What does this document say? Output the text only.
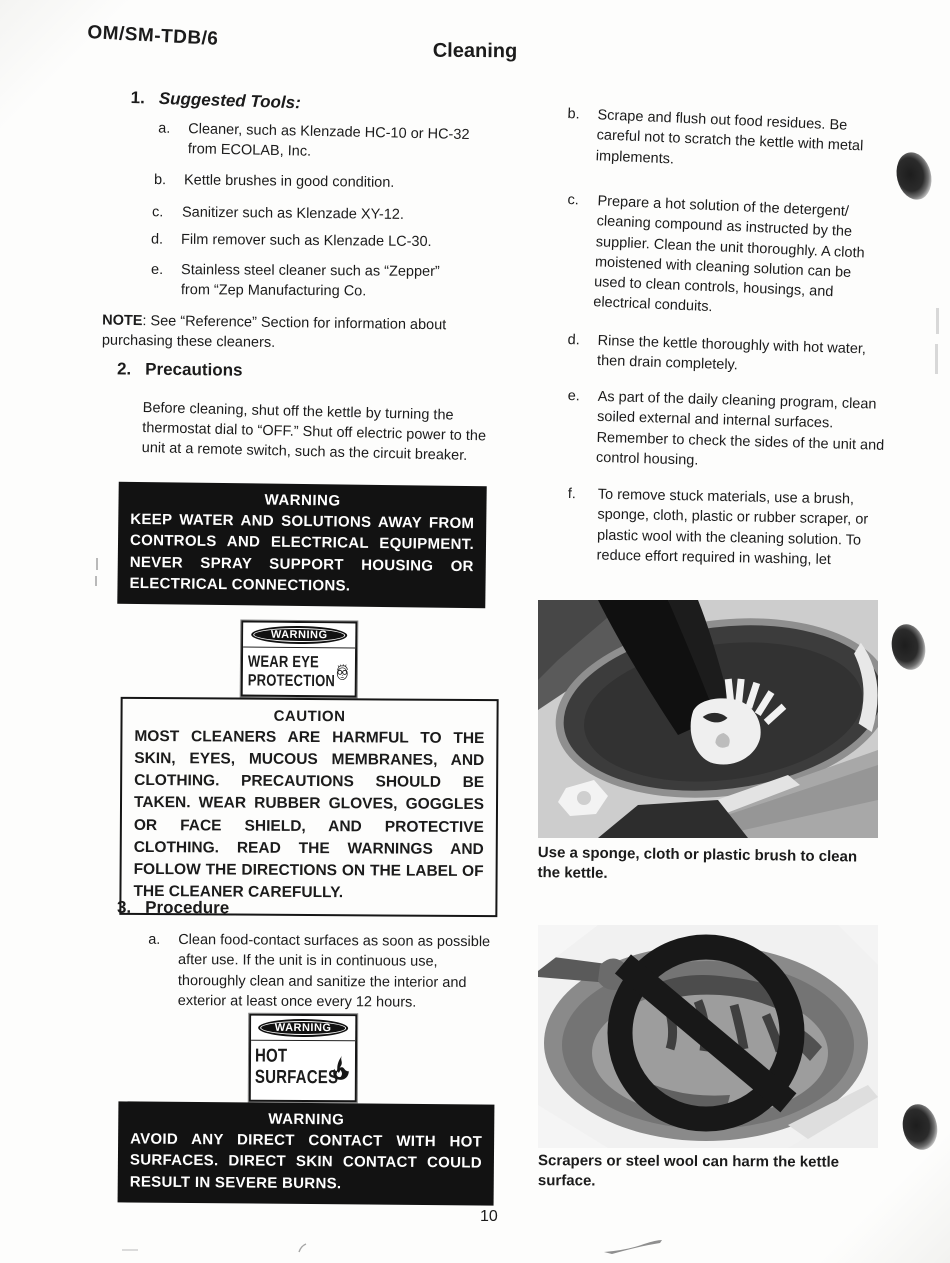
OM/SM-TDB/6
Cleaning
1. Suggested Tools:
a.	Cleaner, such as Klenzade HC-10 or HC-32 from ECOLAB, Inc.
b.	Kettle brushes in good condition.
c.	Sanitizer such as Klenzade XY-12.
d.	Film remover such as Klenzade LC-30.
e.	Stainless steel cleaner such as “Zepper” from “Zep Manufacturing Co.
NOTE: See “Reference” Section for information about purchasing these cleaners.
2. Precautions
Before cleaning, shut off the kettle by turning the thermostat dial to “OFF.” Shut off electric power to the unit at a remote switch, such as the circuit breaker.
WARNING
KEEP WATER AND SOLUTIONS AWAY FROM CONTROLS AND ELECTRICAL EQUIPMENT. NEVER SPRAY SUPPORT HOUSING OR ELECTRICAL CONNECTIONS.
WARNING
WEAR EYE
PROTECTION
CAUTION
MOST CLEANERS ARE HARMFUL TO THE SKIN, EYES, MUCOUS MEMBRANES, AND CLOTHING. PRECAUTIONS SHOULD BE TAKEN. WEAR RUBBER GLOVES, GOGGLES OR FACE SHIELD, AND PROTECTIVE CLOTHING. READ THE WARNINGS AND FOLLOW THE DIRECTIONS ON THE LABEL OF THE CLEANER CAREFULLY.
3. Procedure
a.	Clean food-contact surfaces as soon as possible after use. If the unit is in continuous use, thoroughly clean and sanitize the interior and exterior at least once every 12 hours.
WARNING
HOT
SURFACES
WARNING
AVOID ANY DIRECT CONTACT WITH HOT SURFACES. DIRECT SKIN CONTACT COULD RESULT IN SEVERE BURNS.
10
b.	Scrape and flush out food residues. Be careful not to scratch the kettle with metal implements.
c.	Prepare a hot solution of the detergent/ cleaning compound as instructed by the supplier. Clean the unit thoroughly. A cloth moistened with cleaning solution can be used to clean controls, housings, and electrical conduits.
d.	Rinse the kettle thoroughly with hot water, then drain completely.
e.	As part of the daily cleaning program, clean soiled external and internal surfaces. Remember to check the sides of the unit and control housing.
f.	To remove stuck materials, use a brush, sponge, cloth, plastic or rubber scraper, or plastic wool with the cleaning solution. To reduce effort required in washing, let
Use a sponge, cloth or plastic brush to clean the kettle.
Scrapers or steel wool can harm the kettle surface.
